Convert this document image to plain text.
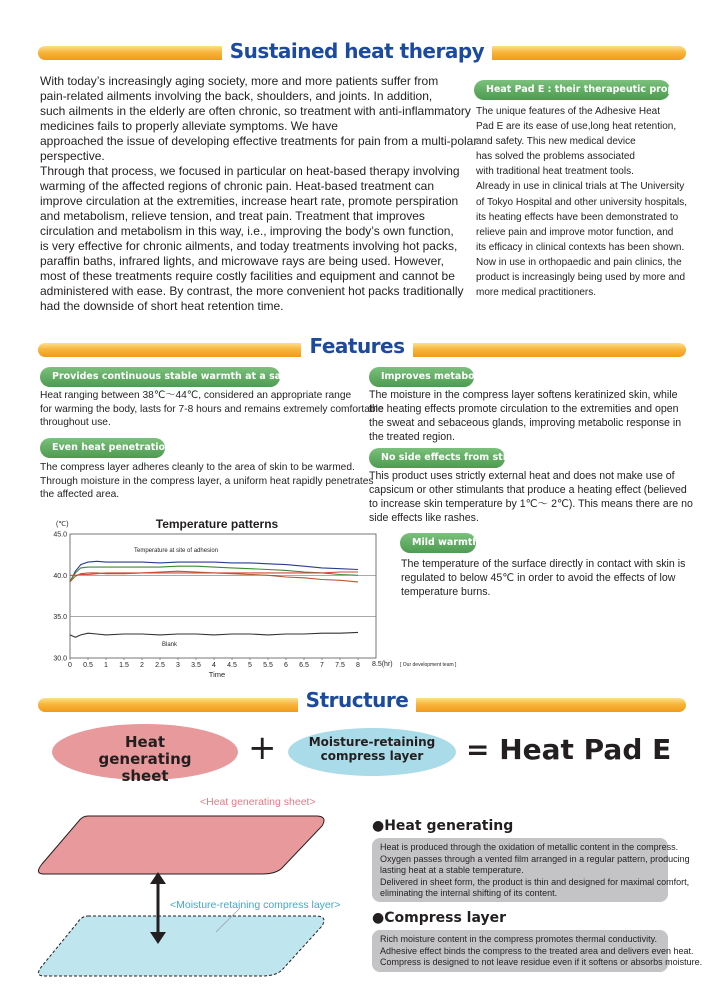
Sustained heat therapy

With today’s increasingly aging society, more and more patients suffer from

pain-related ailments involving the back, shoulders, and joints. In addition,

such ailments in the elderly are often chronic, so treatment with anti-inflammatory

medicines fails to properly alleviate symptoms. We have

approached the issue of developing effective treatments for pain from a multi-polar

perspective.

Through that process, we focused in particular on heat-based therapy involving

warming of the affected regions of chronic pain. Heat-based treatment can

improve circulation at the extremities, increase heart rate, promote perspiration

and metabolism, relieve tension, and treat pain. Treatment that improves

circulation and metabolism in this way, i.e., improving the body’s own function,

is very effective for chronic ailments, and today treatments involving hot packs,

paraffin baths, infrared lights, and microwave rays are being used. However,

most of these treatments require costly facilities and equipment and cannot be

administered with ease. By contrast, the more convenient hot packs traditionally

had the downside of short heat retention time.

Heat Pad E : their therapeutic properties

The unique features of the Adhesive Heat

Pad E are its ease of use,long heat retention,

and safety. This new medical device

has solved the problems associated

with traditional heat treatment tools.

Already in use in clinical trials at The University

of Tokyo Hospital and other university hospitals,

its heating effects have been demonstrated to

relieve pain and improve motor function, and

its efficacy in clinical contexts has been shown.

Now in use in orthopaedic and pain clinics, the

product is increasingly being used by more and

more medical practitioners.

Features
Provides continuous stable warmth at a safe temperature

Heat ranging between 38℃～44℃, considered an appropriate range

for warming the body, lasts for 7-8 hours and remains extremely comfortable

throughout use.

Even heat penetration

The compress layer adheres cleanly to the area of skin to be warmed.

Through moisture in the compress layer, a uniform heat rapidly penetrates

the affected area.

Improves metabolism

The moisture in the compress layer softens keratinized skin, while

the heating effects promote circulation to the extremities and open

the sweat and sebaceous glands, improving metabolic response in

the treated region.

No side effects from stimulants

This product uses strictly external heat and does not make use of

capsicum or other stimulants that produce a heating effect (believed

to increase skin temperature by 1℃～ 2℃). This means there are no

side effects like rashes.

Mild warmth

The temperature of the surface directly in contact with skin is

regulated to below 45℃ in order to avoid the effects of low

temperature burns.

Temperature patterns
(℃)
30.0
35.0
40.0
45.0
0 0.5 1 1.5 2 2.5 3 3.5 4 4.5 5 5.5 6 6.5 7 7.5 8
Temperature at site of adhesion
Blank
8.5(hr) [ Our development team ]
Time
Structure
Heat generating sheet
+	Moisture-retaining compress layer	= Heat Pad E
<Heat generating sheet>
<Moisture-retaining compress layer>
●Heat generating

Heat is produced through the oxidation of metallic content in the compress.

Oxygen passes through a vented film arranged in a regular pattern, producing

lasting heat at a stable temperature.

Delivered in sheet form, the product is thin and designed for maximal comfort,

eliminating the internal shifting of its content.

●Compress layer

Rich moisture content in the compress promotes thermal conductivity.

Adhesive effect binds the compress to the treated area and delivers even heat.

Compress is designed to not leave residue even if it softens or absorbs moisture.
